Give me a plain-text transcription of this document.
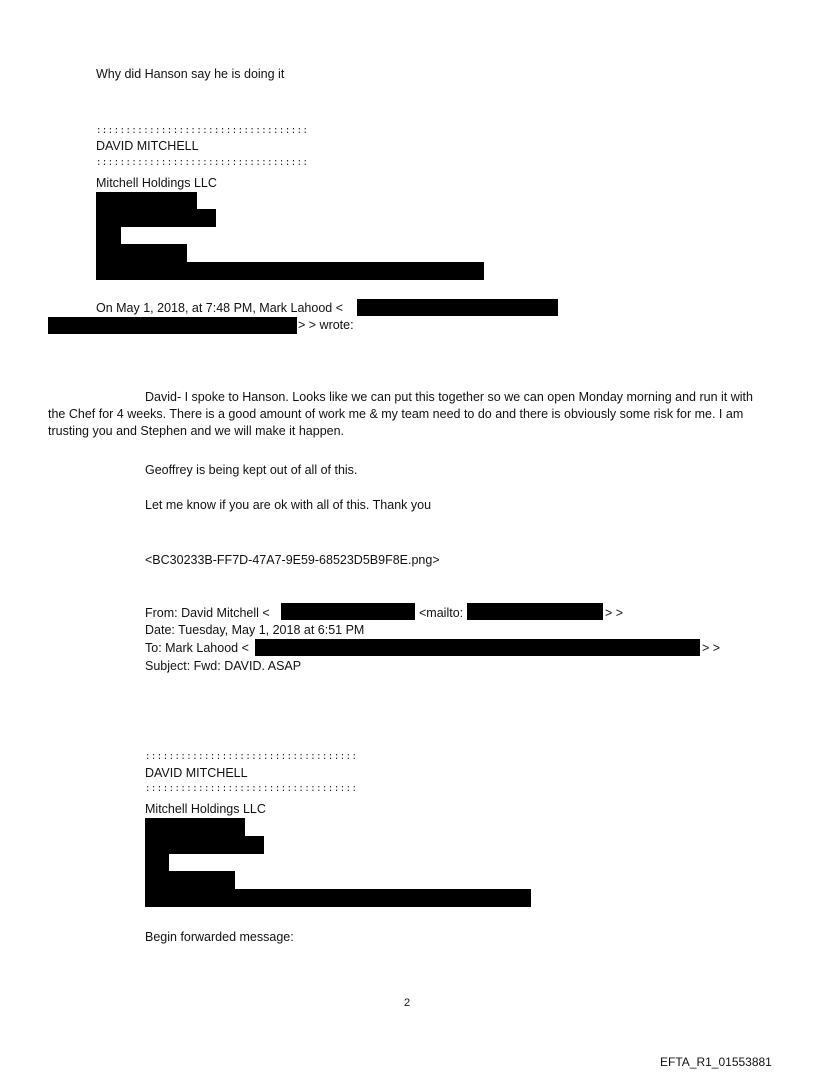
Why did Hanson say he is doing it
::::::::::::::::::::::::::::::::::::
DAVID MITCHELL
::::::::::::::::::::::::::::::::::::
Mitchell Holdings LLC
On May 1, 2018, at 7:48 PM, Mark Lahood <
> > wrote:
David- I spoke to Hanson. Looks like we can put this together so we can open Monday morning and run it with the Chef for 4 weeks. There is a good amount of work me & my team need to do and there is obviously some risk for me. I am trusting you and Stephen and we will make it happen.
Geoffrey is being kept out of all of this.
Let me know if you are ok with all of this. Thank you
<BC30233B-FF7D-47A7-9E59-68523D5B9F8E.png>
From: David Mitchell <	<mailto:	> >
Date: Tuesday, May 1, 2018 at 6:51 PM
To: Mark Lahood <	> >
Subject: Fwd: DAVID. ASAP
::::::::::::::::::::::::::::::::::::
DAVID MITCHELL
::::::::::::::::::::::::::::::::::::
Mitchell Holdings LLC
Begin forwarded message:
2
EFTA_R1_01553881
